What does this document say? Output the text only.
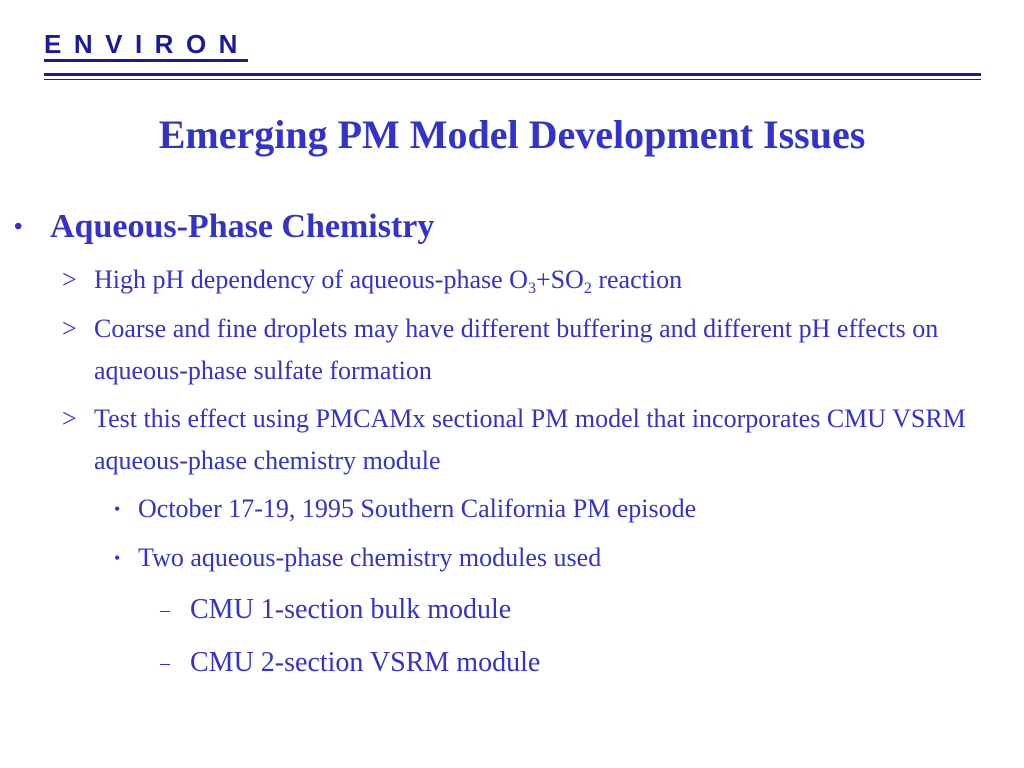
ENVIRON
Emerging PM Model Development Issues
• Aqueous-Phase Chemistry
> High pH dependency of aqueous-phase $O_3+SO_2$ reaction
> Coarse and fine droplets may have different buffering and different pH effects on aqueous-phase sulfate formation
> Test this effect using PMCAMx sectional PM model that incorporates CMU VSRM aqueous-phase chemistry module
• October 17-19, 1995 Southern California PM episode
• Two aqueous-phase chemistry modules used
– CMU 1-section bulk module
– CMU 2-section VSRM module
